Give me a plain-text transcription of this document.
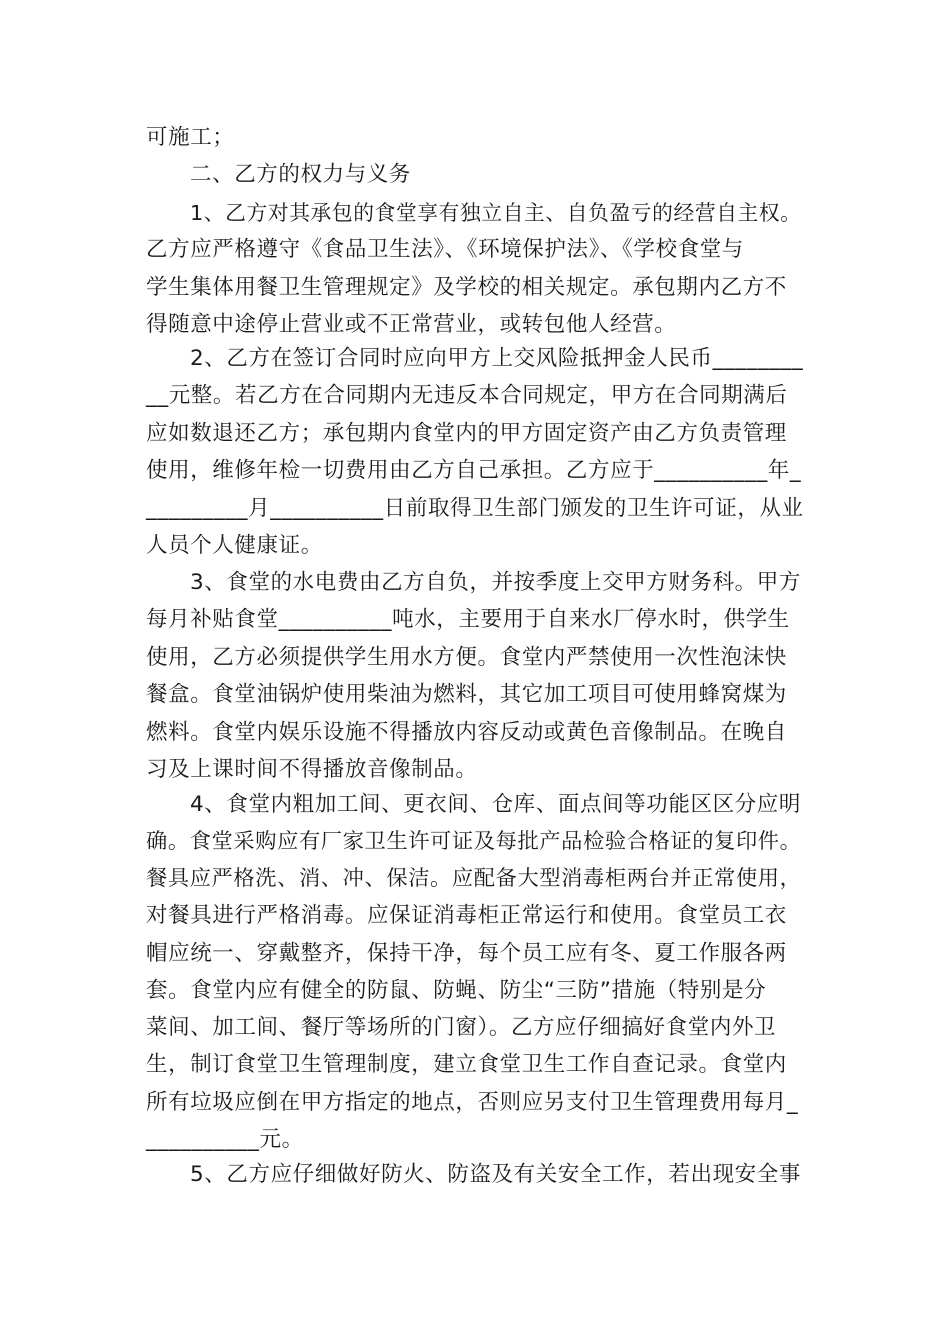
可施工；
二、乙方的权力与义务
1、乙方对其承包的食堂享有独立自主、自负盈亏的经营自主权。
乙方应严格遵守《食品卫生法》、《环境保护法》、《学校食堂与
学生集体用餐卫生管理规定》及学校的相关规定。承包期内乙方不
得随意中途停止营业或不正常营业，或转包他人经营。
2、乙方在签订合同时应向甲方上交风险抵押金人民币________
__元整。若乙方在合同期内无违反本合同规定，甲方在合同期满后
应如数退还乙方；承包期内食堂内的甲方固定资产由乙方负责管理
使用，维修年检一切费用由乙方自己承担。乙方应于__________年_
_________月__________日前取得卫生部门颁发的卫生许可证，从业
人员个人健康证。
3、食堂的水电费由乙方自负，并按季度上交甲方财务科。甲方
每月补贴食堂__________吨水，主要用于自来水厂停水时，供学生
使用，乙方必须提供学生用水方便。食堂内严禁使用一次性泡沫快
餐盒。食堂油锅炉使用柴油为燃料，其它加工项目可使用蜂窝煤为
燃料。食堂内娱乐设施不得播放内容反动或黄色音像制品。在晚自
习及上课时间不得播放音像制品。
4、食堂内粗加工间、更衣间、仓库、面点间等功能区区分应明
确。食堂采购应有厂家卫生许可证及每批产品检验合格证的复印件。
餐具应严格洗、消、冲、保洁。应配备大型消毒柜两台并正常使用，
对餐具进行严格消毒。应保证消毒柜正常运行和使用。食堂员工衣
帽应统一、穿戴整齐，保持干净，每个员工应有冬、夏工作服各两
套。食堂内应有健全的防鼠、防蝇、防尘“三防”措施（特别是分
菜间、加工间、餐厅等场所的门窗）。乙方应仔细搞好食堂内外卫
生，制订食堂卫生管理制度，建立食堂卫生工作自查记录。食堂内
所有垃圾应倒在甲方指定的地点，否则应另支付卫生管理费用每月_
__________元。
5、乙方应仔细做好防火、防盗及有关安全工作，若出现安全事
